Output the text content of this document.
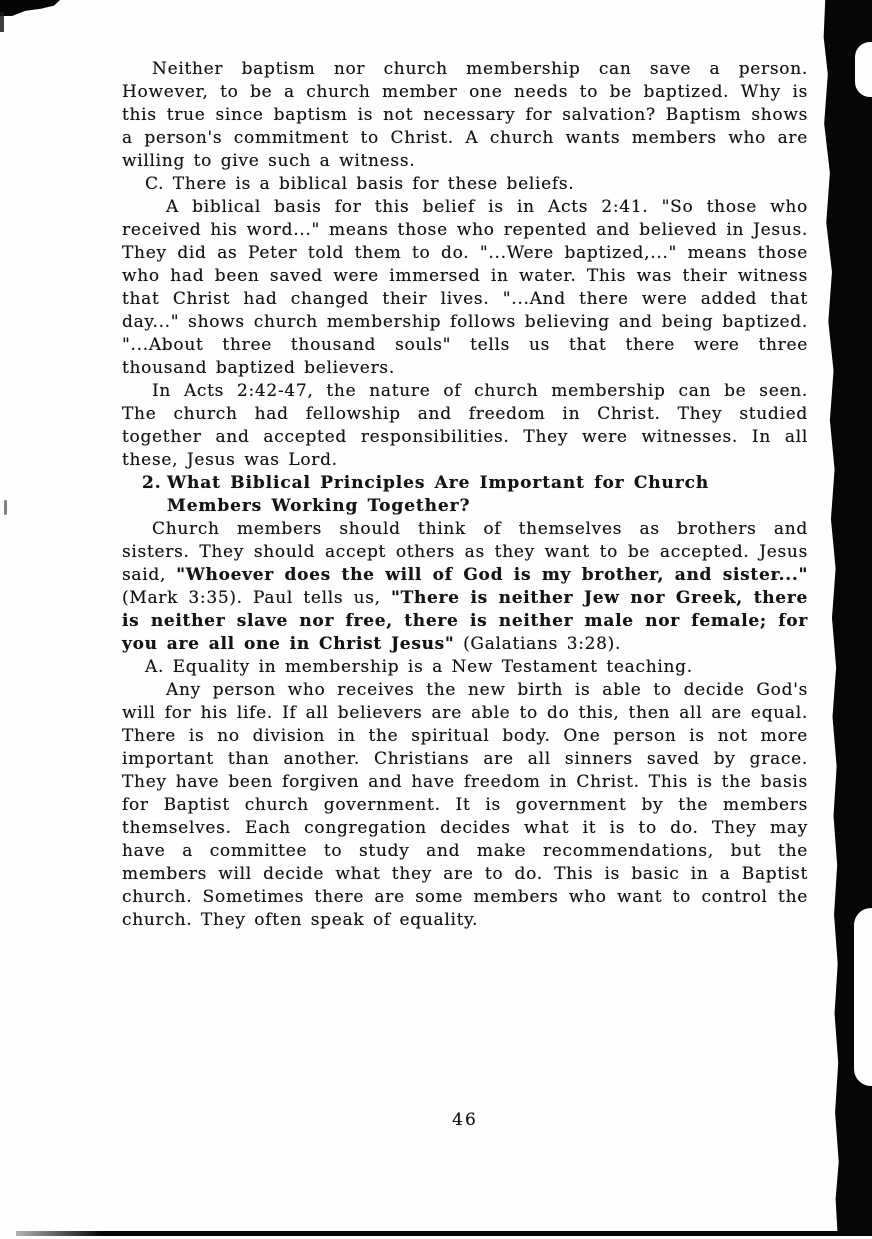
Neither baptism nor church membership can save a person. However, to be a church member one needs to be baptized. Why is this true since baptism is not necessary for salvation? Baptism shows a person's commitment to Christ. A church wants members who are willing to give such a witness.

C. There is a biblical basis for these beliefs.

A biblical basis for this belief is in Acts 2:41. "So those who received his word..." means those who repented and believed in Jesus. They did as Peter told them to do. "...Were baptized,..." means those who had been saved were immersed in water. This was their witness that Christ had changed their lives. "...And there were added that day..." shows church membership follows believing and being baptized. "...About three thousand souls" tells us that there were three thousand baptized believers.

In Acts 2:42-47, the nature of church membership can be seen. The church had fellowship and freedom in Christ. They studied together and accepted responsibilities. They were witnesses. In all these, Jesus was Lord.

2. What Biblical Principles Are Important for Church Members Working Together?

Church members should think of themselves as brothers and sisters. They should accept others as they want to be accepted. Jesus said, "Whoever does the will of God is my brother, and sister..." (Mark 3:35). Paul tells us, "There is neither Jew nor Greek, there is neither slave nor free, there is neither male nor female; for you are all one in Christ Jesus" (Galatians 3:28).

A. Equality in membership is a New Testament teaching.

Any person who receives the new birth is able to decide God's will for his life. If all believers are able to do this, then all are equal. There is no division in the spiritual body. One person is not more important than another. Christians are all sinners saved by grace. They have been forgiven and have freedom in Christ. This is the basis for Baptist church government. It is government by the members themselves. Each congregation decides what it is to do. They may have a committee to study and make recommendations, but the members will decide what they are to do. This is basic in a Baptist church. Sometimes there are some members who want to control the church. They often speak of equality.

46
